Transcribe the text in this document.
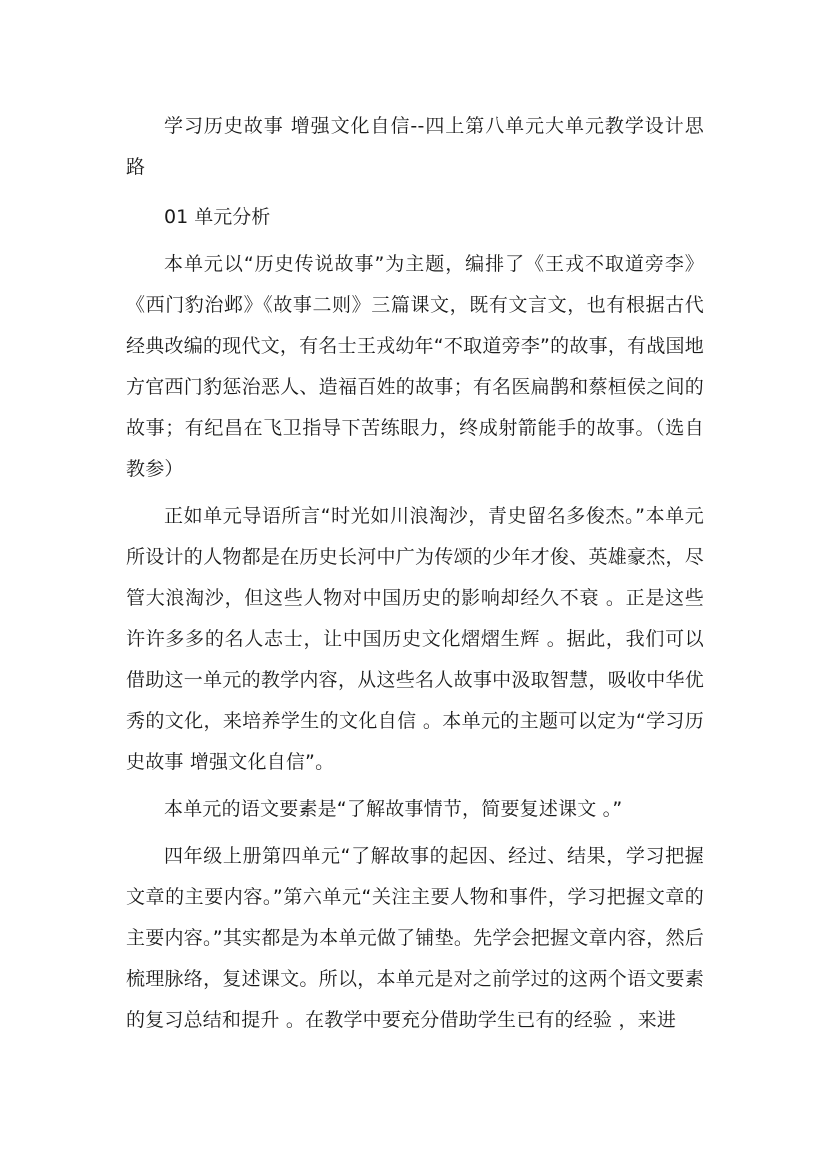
学习历史故事 增强文化自信--四上第八单元大单元教学设计思路
01 单元分析

本单元以“历史传说故事”为主题，编排了《王戎不取道旁李》《西门豹治邺》《故事二则》三篇课文，既有文言文，也有根据古代经典改编的现代文，有名士王戎幼年“不取道旁李”的故事，有战国地方官西门豹惩治恶人、造福百姓的故事；有名医扁鹊和蔡桓侯之间的故事；有纪昌在飞卫指导下苦练眼力，终成射箭能手的故事。（选自教参）

正如单元导语所言“时光如川浪淘沙，青史留名多俊杰。”本单元所设计的人物都是在历史长河中广为传颂的少年才俊、英雄豪杰，尽管大浪淘沙，但这些人物对中国历史的影响却经久不衰 。正是这些许许多多的名人志士，让中国历史文化熠熠生辉 。据此，我们可以借助这一单元的教学内容，从这些名人故事中汲取智慧，吸收中华优秀的文化，来培养学生的文化自信 。本单元的主题可以定为“学习历史故事 增强文化自信”。

本单元的语文要素是“了解故事情节，简要复述课文 。”

四年级上册第四单元“了解故事的起因、经过、结果，学习把握文章的主要内容。”第六单元“关注主要人物和事件，学习把握文章的主要内容。”其实都是为本单元做了铺垫。先学会把握文章内容，然后梳理脉络，复述课文。所以，本单元是对之前学过的这两个语文要素的复习总结和提升 。在教学中要充分借助学生已有的经验 ，来进
